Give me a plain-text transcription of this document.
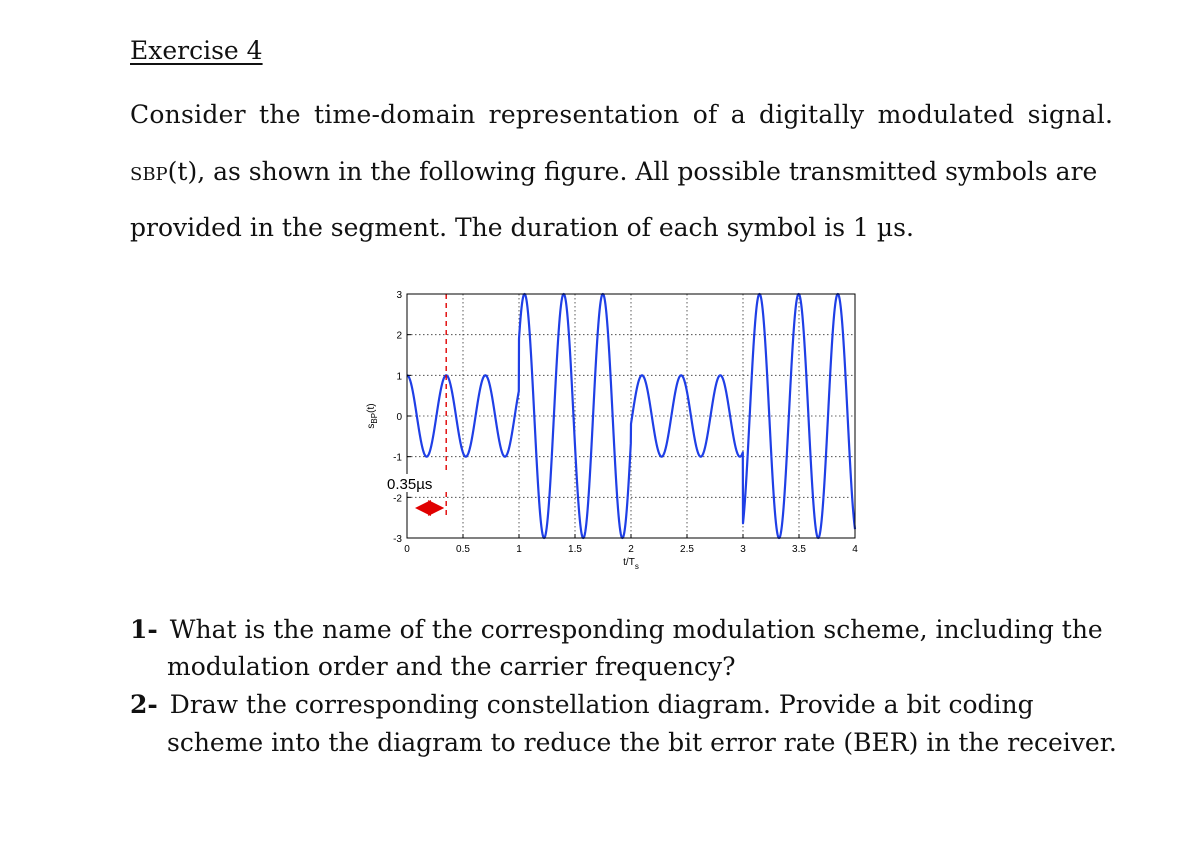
Exercise 4
Consider the time-domain representation of a digitally modulated signal.
SBP(t), as shown in the following figure. All possible transmitted symbols are
provided in the segment. The duration of each symbol is 1 µs.
0	0.5	1	1.5	2	2.5	3	3.5	4
-3
-2
-1
0
1
2
3
$t/T_s$
$s_{BP}(t)$
0.35µs
1- What is the name of the corresponding modulation scheme, including the
modulation order and the carrier frequency?
2- Draw the corresponding constellation diagram. Provide a bit coding
scheme into the diagram to reduce the bit error rate (BER) in the receiver.
